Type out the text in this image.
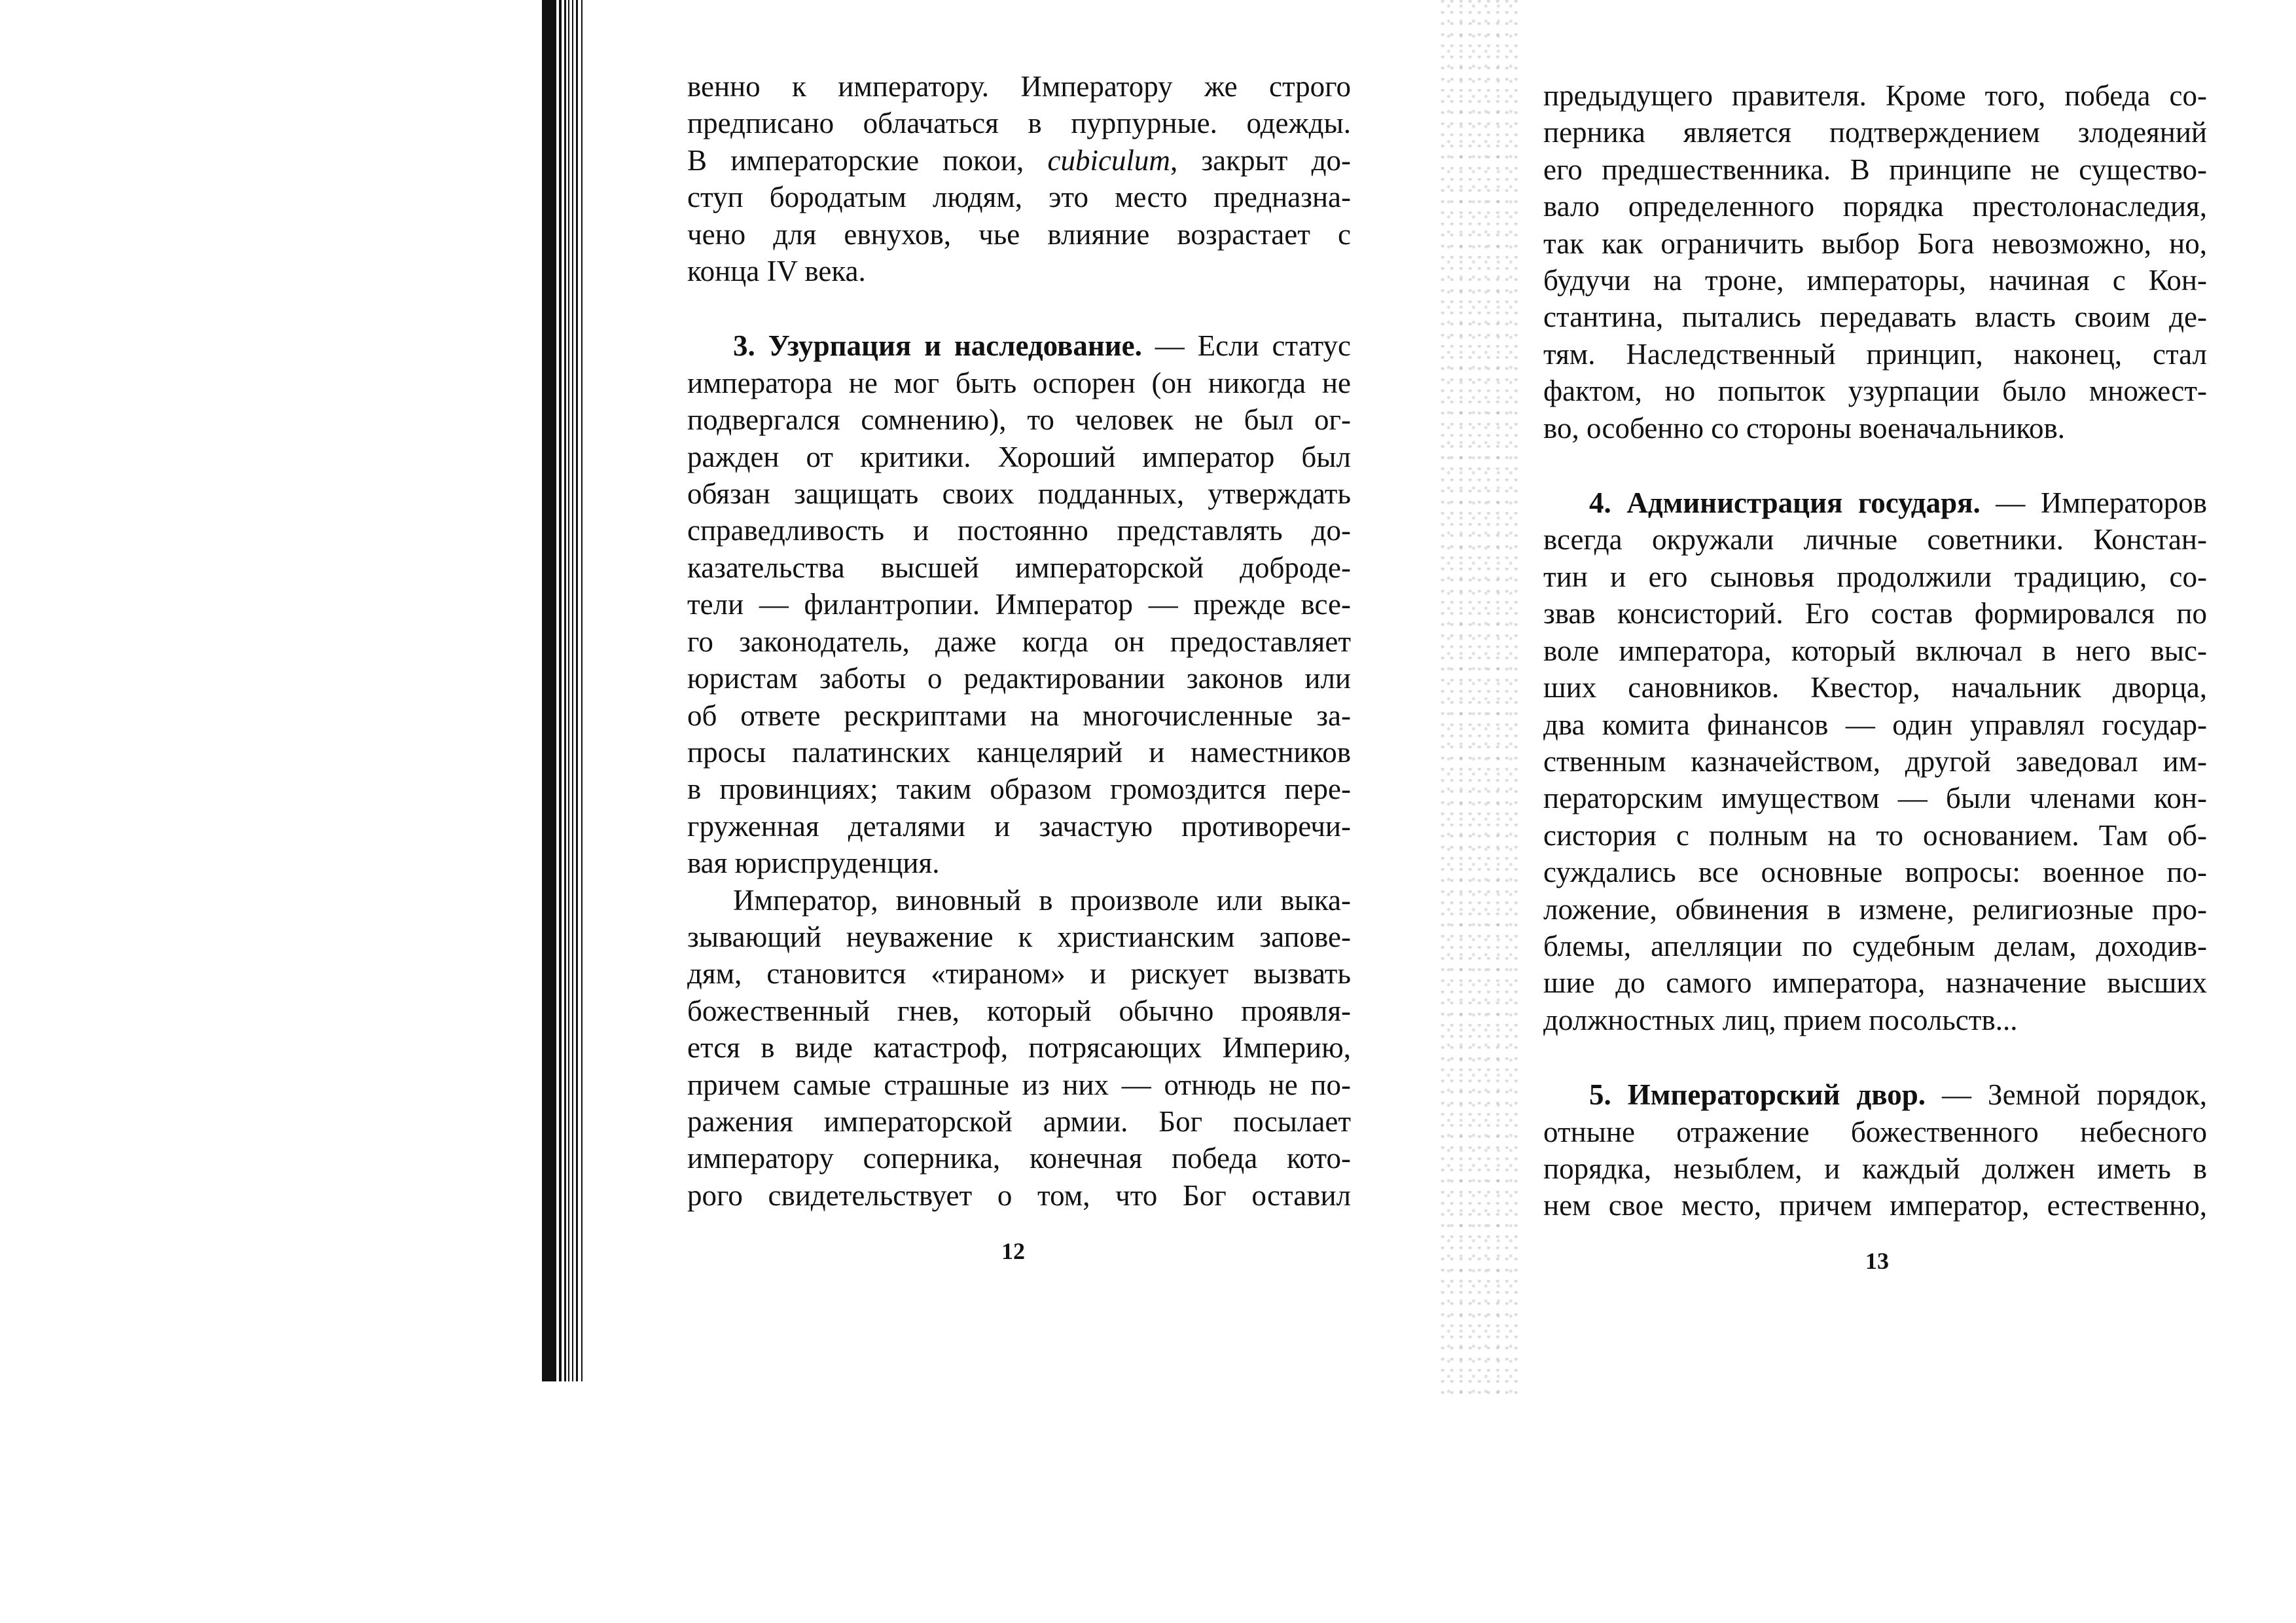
венно к императору. Императору же строго
предписано облачаться в пурпурные. одежды.
В императорские покои, cubiculum, закрыт до-
ступ бородатым людям, это место предназна-
чено для евнухов, чье влияние возрастает с
конца IV века.
3. Узурпация и наследование. — Если статус
императора не мог быть оспорен (он никогда не
подвергался сомнению), то человек не был ог-
ражден от критики. Хороший император был
обязан защищать своих подданных, утверждать
справедливость и постоянно представлять до-
казательства высшей императорской доброде-
тели — филантропии. Император — прежде все-
го законодатель, даже когда он предоставляет
юристам заботы о редактировании законов или
об ответе рескриптами на многочисленные за-
просы палатинских канцелярий и наместников
в провинциях; таким образом громоздится пере-
груженная деталями и зачастую противоречи-
вая юриспруденция.
Император, виновный в произволе или выка-
зывающий неуважение к христианским запове-
дям, становится «тираном» и рискует вызвать
божественный гнев, который обычно проявля-
ется в виде катастроф, потрясающих Империю,
причем самые страшные из них — отнюдь не по-
ражения императорской армии. Бог посылает
императору соперника, конечная победа кото-
рого свидетельствует о том, что Бог оставил
12
предыдущего правителя. Кроме того, победа со-
перника является подтверждением злодеяний
его предшественника. В принципе не существо-
вало определенного порядка престолонаследия,
так как ограничить выбор Бога невозможно, но,
будучи на троне, императоры, начиная с Кон-
стантина, пытались передавать власть своим де-
тям. Наследственный принцип, наконец, стал
фактом, но попыток узурпации было множест-
во, особенно со стороны военачальников.
4. Администрация государя. — Императоров
всегда окружали личные советники. Констан-
тин и его сыновья продолжили традицию, со-
звав консисторий. Его состав формировался по
воле императора, который включал в него выс-
ших сановников. Квестор, начальник дворца,
два комита финансов — один управлял государ-
ственным казначейством, другой заведовал им-
ператорским имуществом — были членами кон-
систория с полным на то основанием. Там об-
суждались все основные вопросы: военное по-
ложение, обвинения в измене, религиозные про-
блемы, апелляции по судебным делам, доходив-
шие до самого императора, назначение высших
должностных лиц, прием посольств...
5. Императорский двор. — Земной порядок,
отныне отражение божественного небесного
порядка, незыблем, и каждый должен иметь в
нем свое место, причем император, естественно,
13
